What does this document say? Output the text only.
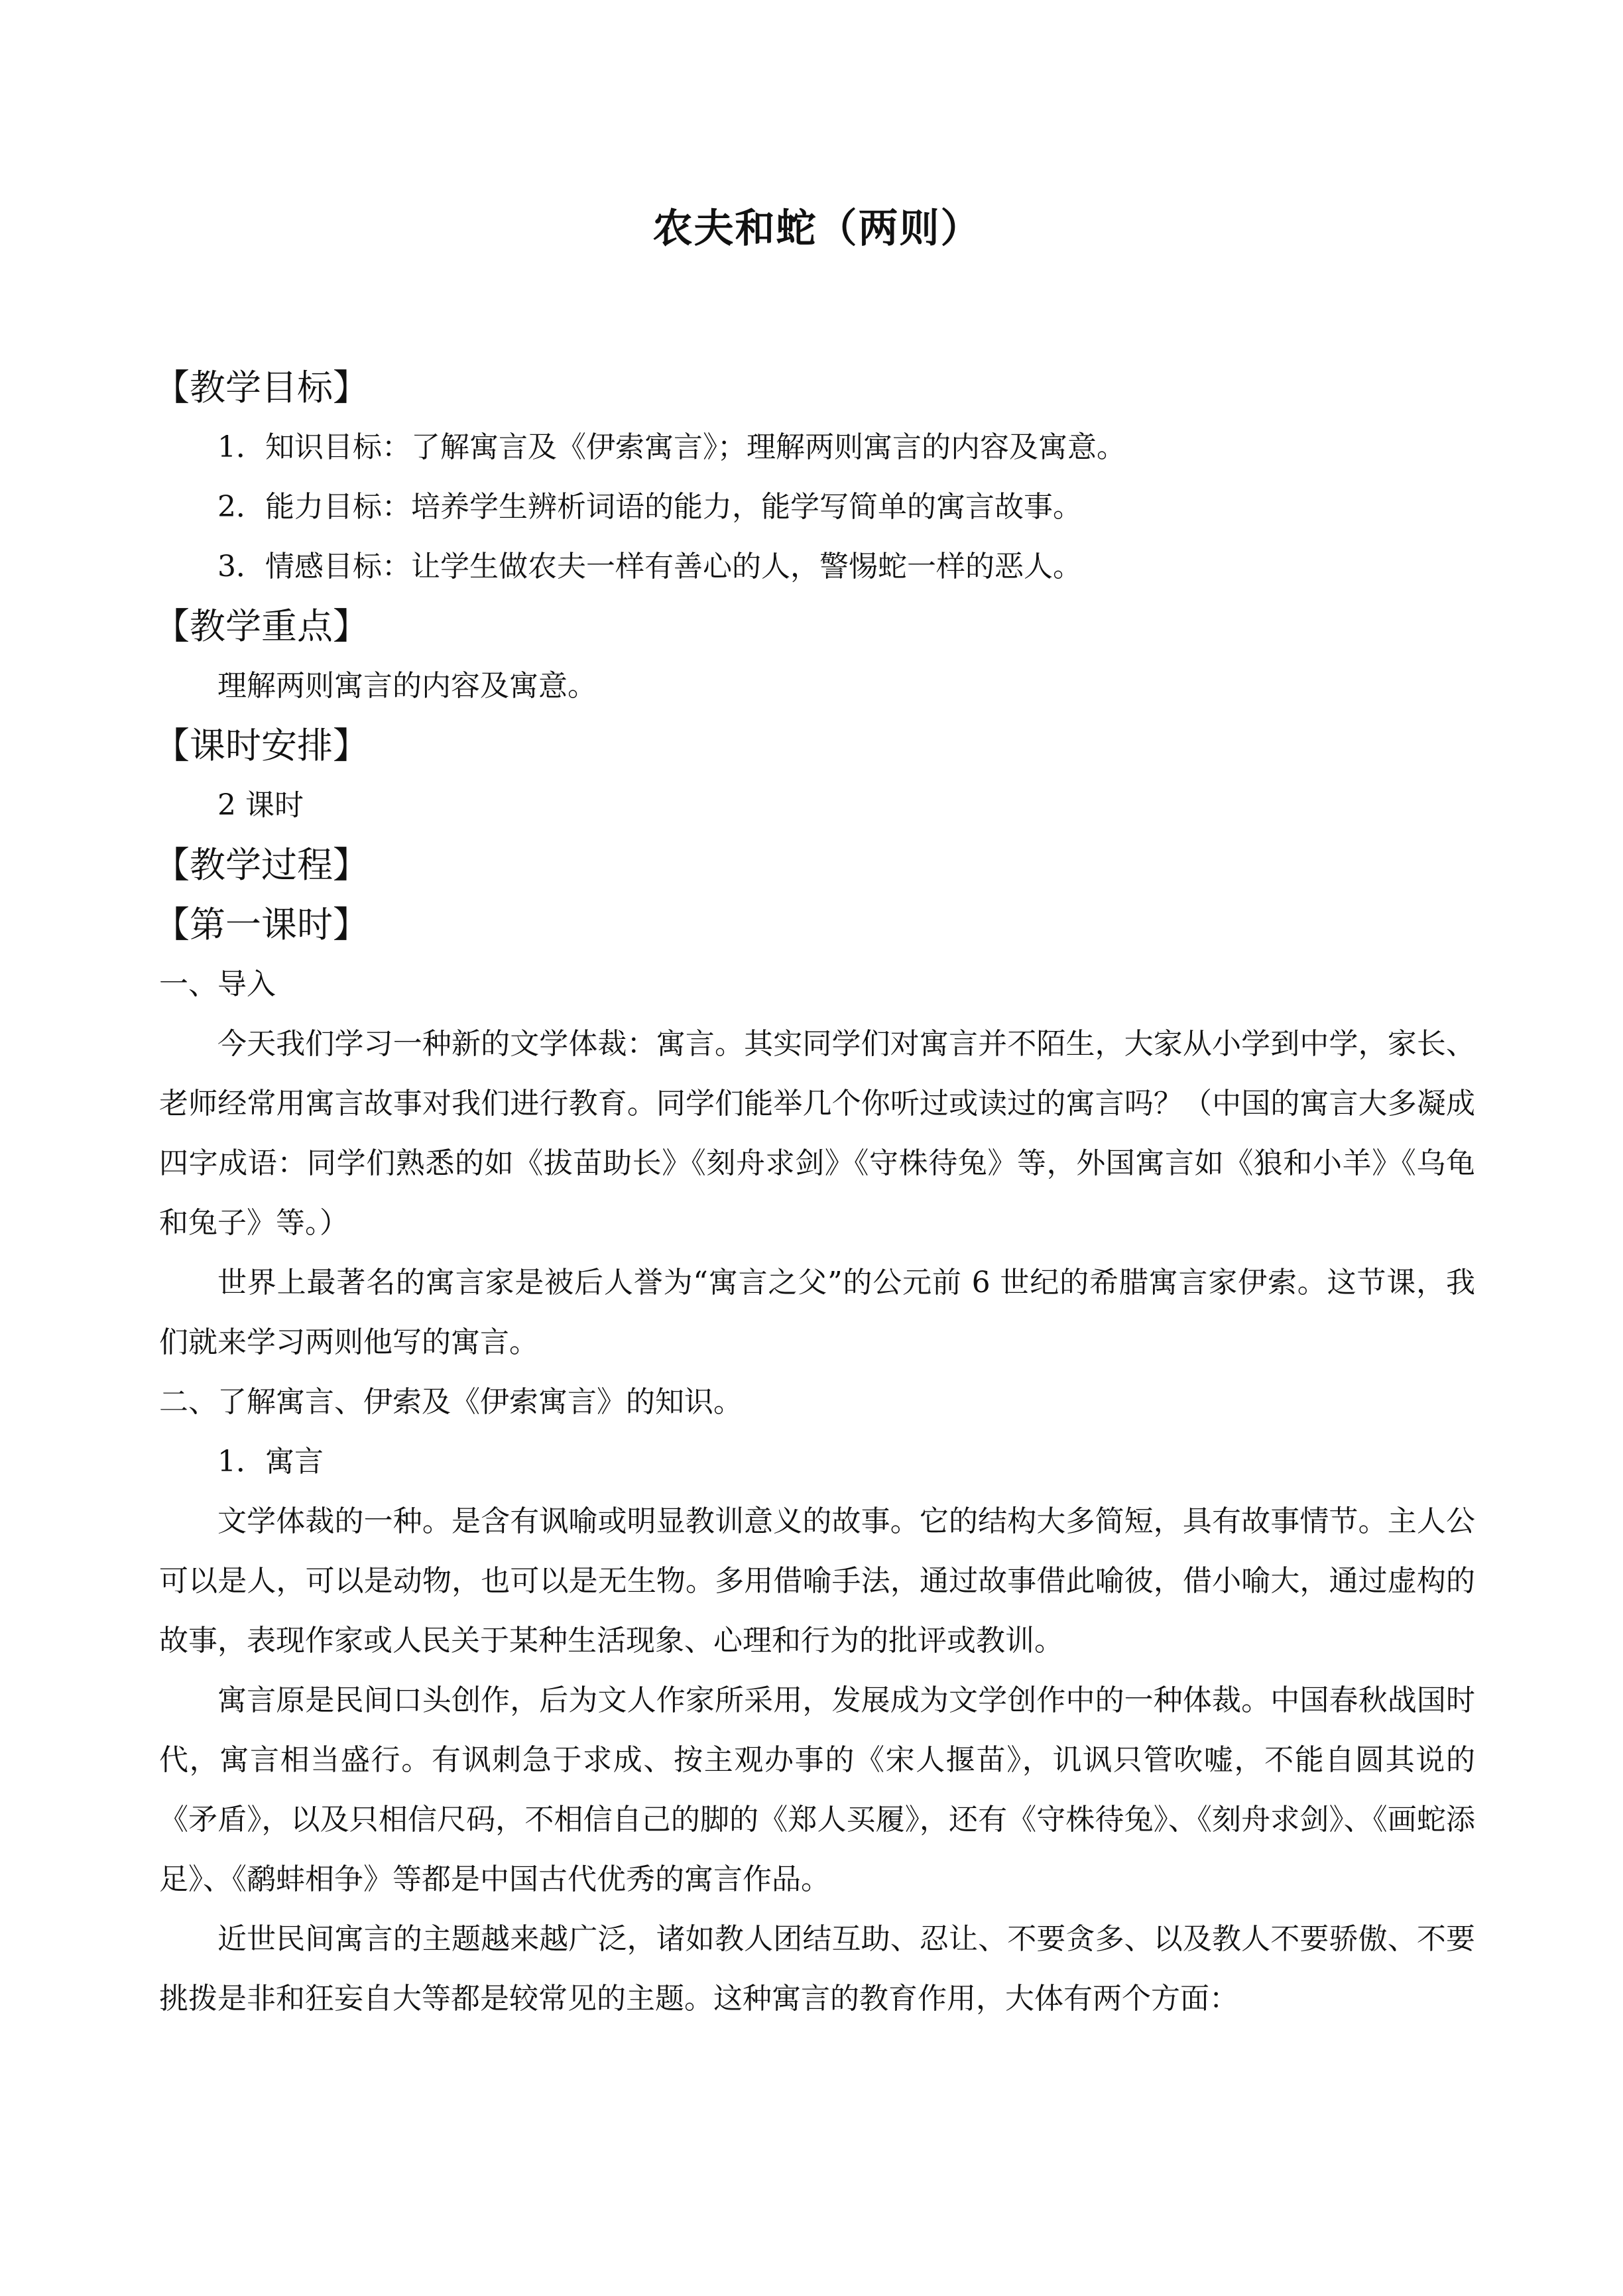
农夫和蛇（两则）

【教学目标】

1．知识目标：了解寓言及《伊索寓言》；理解两则寓言的内容及寓意。

2．能力目标：培养学生辨析词语的能力，能学写简单的寓言故事。

3．情感目标：让学生做农夫一样有善心的人，警惕蛇一样的恶人。

【教学重点】

理解两则寓言的内容及寓意。

【课时安排】

2 课时

【教学过程】

【第一课时】

一、导入

今天我们学习一种新的文学体裁：寓言。其实同学们对寓言并不陌生，大家从小学到中学，家长、老师经常用寓言故事对我们进行教育。同学们能举几个你听过或读过的寓言吗？（中国的寓言大多凝成四字成语：同学们熟悉的如《拔苗助长》《刻舟求剑》《守株待兔》等，外国寓言如《狼和小羊》《乌龟和兔子》等。）

世界上最著名的寓言家是被后人誉为“寓言之父”的公元前 6 世纪的希腊寓言家伊索。这节课，我们就来学习两则他写的寓言。

二、了解寓言、伊索及《伊索寓言》的知识。

1．寓言

文学体裁的一种。是含有讽喻或明显教训意义的故事。它的结构大多简短，具有故事情节。主人公可以是人，可以是动物，也可以是无生物。多用借喻手法，通过故事借此喻彼，借小喻大，通过虚构的故事，表现作家或人民关于某种生活现象、心理和行为的批评或教训。

寓言原是民间口头创作，后为文人作家所采用，发展成为文学创作中的一种体裁。中国春秋战国时代，寓言相当盛行。有讽刺急于求成、按主观办事的《宋人揠苗》，讥讽只管吹嘘，不能自圆其说的《矛盾》，以及只相信尺码，不相信自己的脚的《郑人买履》，还有《守株待兔》、《刻舟求剑》、《画蛇添足》、《鹬蚌相争》等都是中国古代优秀的寓言作品。

近世民间寓言的主题越来越广泛，诸如教人团结互助、忍让、不要贪多、以及教人不要骄傲、不要挑拨是非和狂妄自大等都是较常见的主题。这种寓言的教育作用，大体有两个方面：
